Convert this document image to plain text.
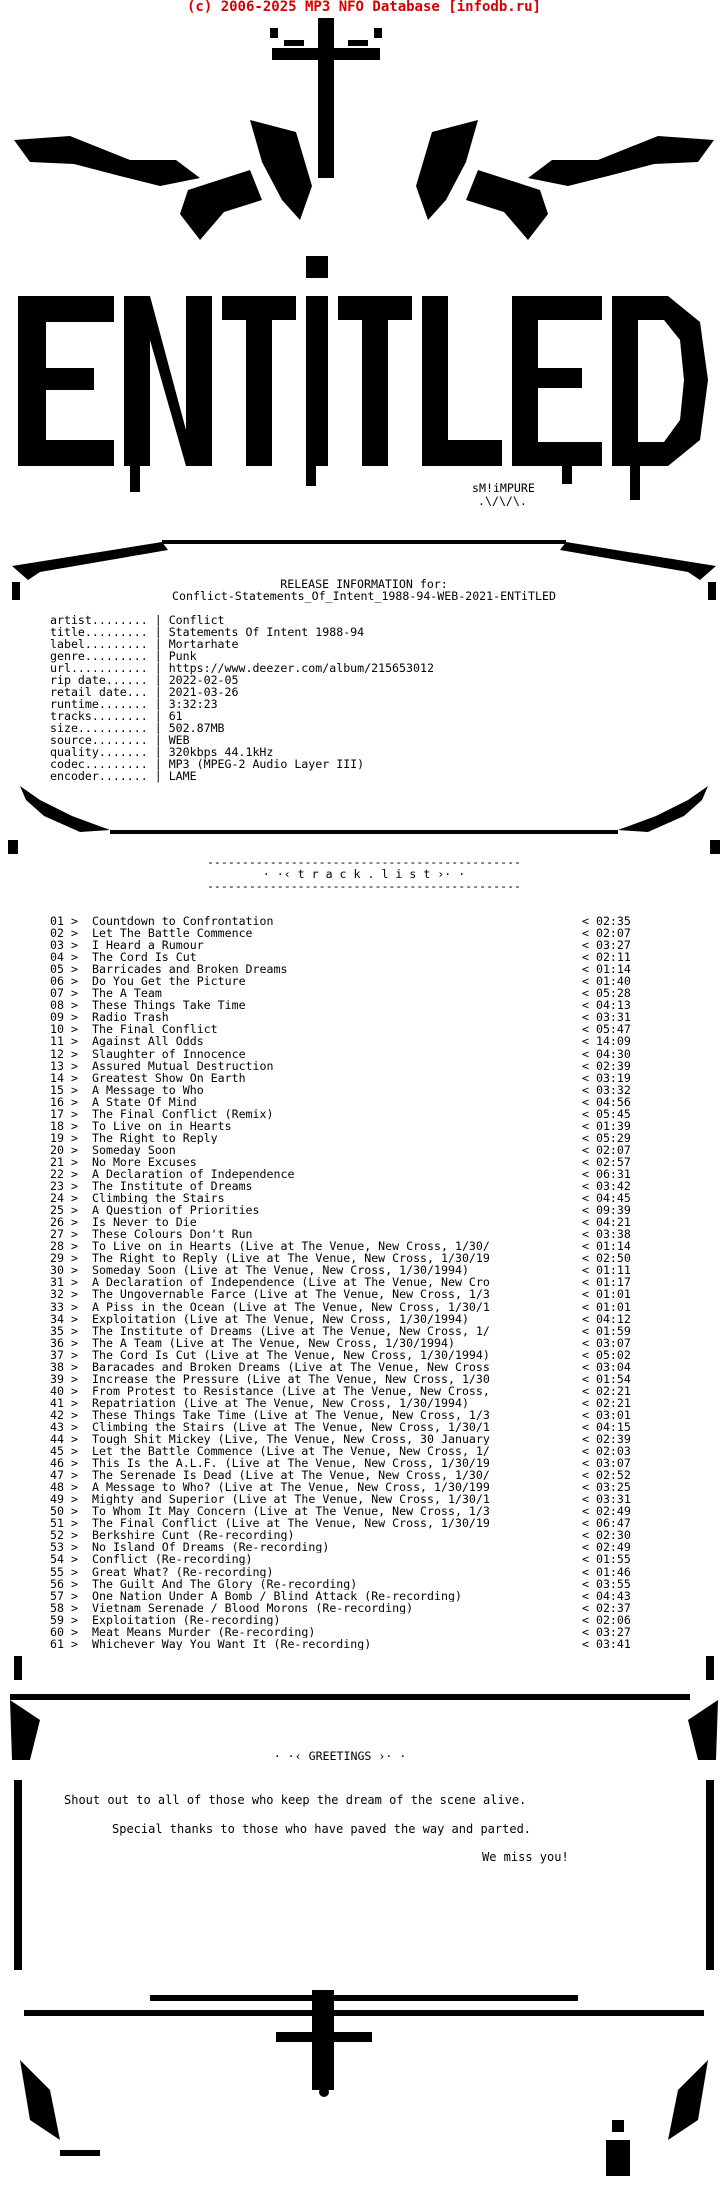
(c) 2006-2025 MP3 NFO Database [infodb.ru]
sM!iMPURE
.\/\/\.
RELEASE INFORMATION for:
Conflict-Statements_Of_Intent_1988-94-WEB-2021-ENTiTLED
artist........ | Conflict
title......... | Statements Of Intent 1988-94
label......... | Mortarhate
genre......... | Punk
url........... | https://www.deezer.com/album/215653012
rip date...... | 2022-02-05
retail date... | 2021-03-26
runtime....... | 3:32:23
tracks........ | 61
size.......... | 502.87MB
source........ | WEB
quality....... | 320kbps 44.1kHz
codec......... | MP3 (MPEG-2 Audio Layer III)
encoder....... | LAME
---------------------------------------------
· ·‹ t r a c k . l i s t ›· ·
---------------------------------------------
01 > Countdown to Confrontation	< 02:35
02 > Let The Battle Commence	< 02:07
03 > I Heard a Rumour	< 03:27
04 > The Cord Is Cut	< 02:11
05 > Barricades and Broken Dreams	< 01:14
06 > Do You Get the Picture	< 01:40
07 > The A Team	< 05:28
08 > These Things Take Time	< 04:13
09 > Radio Trash	< 03:31
10 > The Final Conflict	< 05:47
11 > Against All Odds	< 14:09
12 > Slaughter of Innocence	< 04:30
13 > Assured Mutual Destruction	< 02:39
14 > Greatest Show On Earth	< 03:19
15 > A Message to Who	< 03:32
16 > A State Of Mind	< 04:56
17 > The Final Conflict (Remix)	< 05:45
18 > To Live on in Hearts	< 01:39
19 > The Right to Reply	< 05:29
20 > Someday Soon	< 02:07
21 > No More Excuses	< 02:57
22 > A Declaration of Independence	< 06:31
23 > The Institute of Dreams	< 03:42
24 > Climbing the Stairs	< 04:45
25 > A Question of Priorities	< 09:39
26 > Is Never to Die	< 04:21
27 > These Colours Don't Run	< 03:38
28 > To Live on in Hearts (Live at The Venue, New Cross, 1/30/	< 01:14
29 > The Right to Reply (Live at The Venue, New Cross, 1/30/19	< 02:50
30 > Someday Soon (Live at The Venue, New Cross, 1/30/1994)	< 01:11
31 > A Declaration of Independence (Live at The Venue, New Cro	< 01:17
32 > The Ungovernable Farce (Live at The Venue, New Cross, 1/3	< 01:01
33 > A Piss in the Ocean (Live at The Venue, New Cross, 1/30/1	< 01:01
34 > Exploitation (Live at The Venue, New Cross, 1/30/1994)	< 04:12
35 > The Institute of Dreams (Live at The Venue, New Cross, 1/	< 01:59
36 > The A Team (Live at The Venue, New Cross, 1/30/1994)	< 03:07
37 > The Cord Is Cut (Live at The Venue, New Cross, 1/30/1994)	< 05:02
38 > Baracades and Broken Dreams (Live at The Venue, New Cross	< 03:04
39 > Increase the Pressure (Live at The Venue, New Cross, 1/30	< 01:54
40 > From Protest to Resistance (Live at The Venue, New Cross,	< 02:21
41 > Repatriation (Live at The Venue, New Cross, 1/30/1994)	< 02:21
42 > These Things Take Time (Live at The Venue, New Cross, 1/3	< 03:01
43 > Climbing the Stairs (Live at The Venue, New Cross, 1/30/1	< 04:15
44 > Tough Shit Mickey (Live, The Venue, New Cross, 30 January	< 02:39
45 > Let the Battle Commence (Live at The Venue, New Cross, 1/	< 02:03
46 > This Is the A.L.F. (Live at The Venue, New Cross, 1/30/19	< 03:07
47 > The Serenade Is Dead (Live at The Venue, New Cross, 1/30/	< 02:52
48 > A Message to Who? (Live at The Venue, New Cross, 1/30/199	< 03:25
49 > Mighty and Superior (Live at The Venue, New Cross, 1/30/1	< 03:31
50 > To Whom It May Concern (Live at The Venue, New Cross, 1/3	< 02:49
51 > The Final Conflict (Live at The Venue, New Cross, 1/30/19	< 06:47
52 > Berkshire Cunt (Re-recording)	< 02:30
53 > No Island Of Dreams (Re-recording)	< 02:49
54 > Conflict (Re-recording)	< 01:55
55 > Great What? (Re-recording)	< 01:46
56 > The Guilt And The Glory (Re-recording)	< 03:55
57 > One Nation Under A Bomb / Blind Attack (Re-recording)	< 04:43
58 > Vietnam Serenade / Blood Morons (Re-recording)	< 02:37
59 > Exploitation (Re-recording)	< 02:06
60 > Meat Means Murder (Re-recording)	< 03:27
61 > Whichever Way You Want It (Re-recording)	< 03:41
· ·‹ GREETINGS ›· ·
Shout out to all of those who keep the dream of the scene alive.
Special thanks to those who have paved the way and parted.
We miss you!
